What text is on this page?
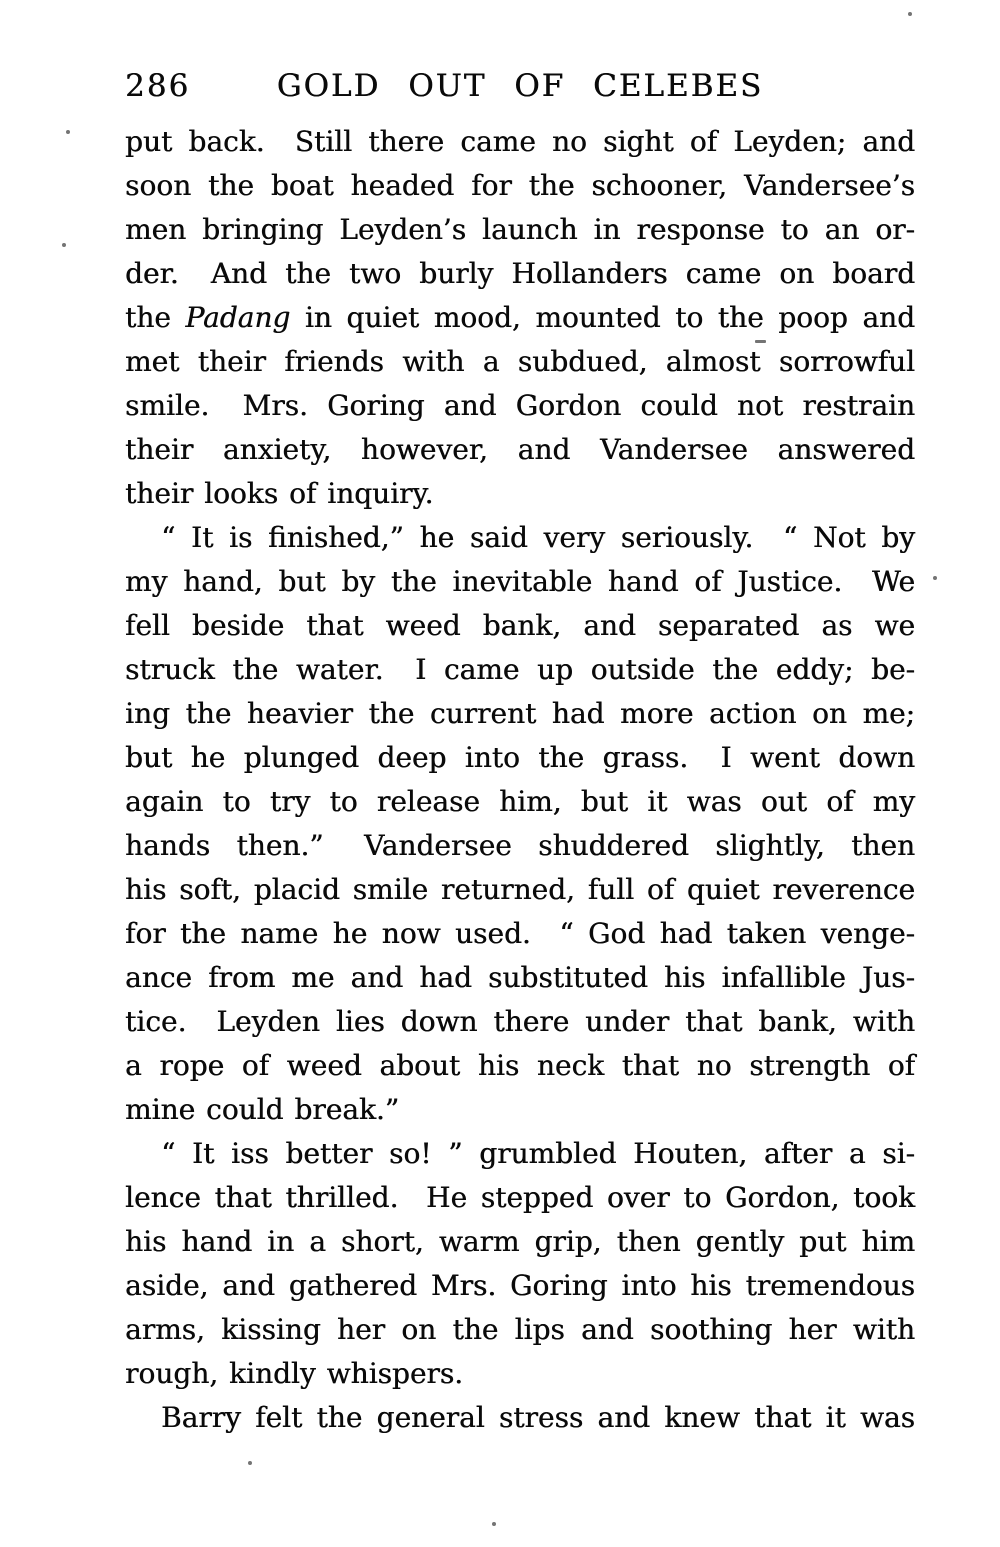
286	GOLD OUT OF CELEBES
put back.  Still there came no sight of Leyden; and
soon the boat headed for the schooner, Vandersee’s
men bringing Leyden’s launch in response to an or-
der.  And the two burly Hollanders came on board
the Padang in quiet mood, mounted to the poop and
met their friends with a subdued, almost sorrowful
smile.  Mrs. Goring and Gordon could not restrain
their anxiety, however, and Vandersee answered
their looks of inquiry.
“ It is finished,” he said very seriously.  “ Not by
my hand, but by the inevitable hand of Justice.  We
fell beside that weed bank, and separated as we
struck the water.  I came up outside the eddy; be-
ing the heavier the current had more action on me;
but he plunged deep into the grass.  I went down
again to try to release him, but it was out of my
hands then.”  Vandersee shuddered slightly, then
his soft, placid smile returned, full of quiet reverence
for the name he now used.  “ God had taken venge-
ance from me and had substituted his infallible Jus-
tice.  Leyden lies down there under that bank, with
a rope of weed about his neck that no strength of
mine could break.”
“ It iss better so! ” grumbled Houten, after a si-
lence that thrilled.  He stepped over to Gordon, took
his hand in a short, warm grip, then gently put him
aside, and gathered Mrs. Goring into his tremendous
arms, kissing her on the lips and soothing her with
rough, kindly whispers.
Barry felt the general stress and knew that it was
